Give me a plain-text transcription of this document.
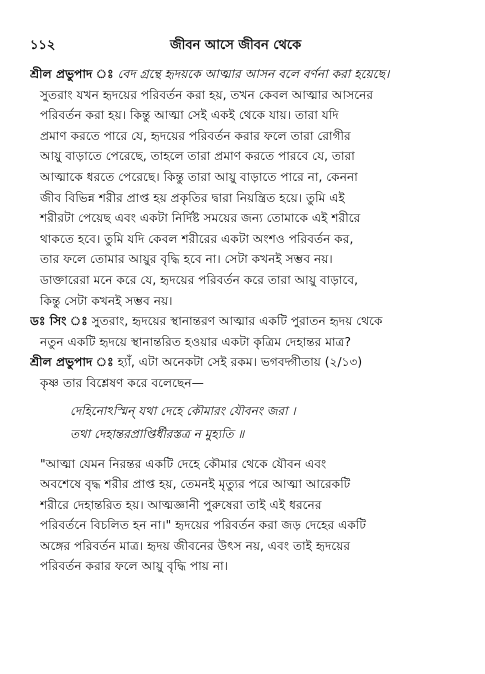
১১২	জীবন আসে জীবন থেকে
শ্রীল প্রভুপাদ ঃ বেদ গ্রন্থে হৃদয়কে আত্মার আসন বলে বর্ণনা করা হয়েছে।
সুতরাং যখন হৃদয়ের পরিবর্তন করা হয়, তখন কেবল আত্মার আসনের
পরিবর্তন করা হয়। কিন্তু আত্মা সেই একই থেকে যায়। তারা যদি
প্রমাণ করতে পারে যে, হৃদয়ের পরিবর্তন করার ফলে তারা রোগীর
আয়ু বাড়াতে পেরেছে, তাহলে তারা প্রমাণ করতে পারবে যে, তারা
আত্মাকে ধরতে পেরেছে। কিন্তু তারা আয়ু বাড়াতে পারে না, কেননা
জীব বিভিন্ন শরীর প্রাপ্ত হয় প্রকৃতির দ্বারা নিয়ন্ত্রিত হয়ে। তুমি এই
শরীরটা পেয়েছ এবং একটা নির্দিষ্ট সময়ের জন্য তোমাকে এই শরীরে
থাকতে হবে। তুমি যদি কেবল শরীরের একটা অংশও পরিবর্তন কর,
তার ফলে তোমার আয়ুর বৃদ্ধি হবে না। সেটা কখনই সম্ভব নয়।
ডাক্তারেরা মনে করে যে, হৃদয়ের পরিবর্তন করে তারা আয়ু বাড়াবে,
কিন্তু সেটা কখনই সম্ভব নয়।
ডঃ সিং ঃ সুতরাং, হৃদয়ের স্থানান্তরণ আত্মার একটি পুরাতন হৃদয় থেকে
নতুন একটি হৃদয়ে স্থানান্তরিত হওয়ার একটা কৃত্রিম দেহান্তর মাত্র?
শ্রীল প্রভুপাদ ঃ হ্যাঁ, এটা অনেকটা সেই রকম। ভগবদ্গীতায় (২/১৩)
কৃষ্ণ তার বিশ্লেষণ করে বলেছেন—
দেহিনোঽস্মিন্ যথা দেহে কৌমারং যৌবনং জরা ।
তথা দেহান্তরপ্রাপ্তির্ধীরস্তত্র ন মুহ্যতি ॥
"আত্মা যেমন নিরন্তর একটি দেহে কৌমার থেকে যৌবন এবং
অবশেষে বৃদ্ধ শরীর প্রাপ্ত হয়, তেমনই মৃত্যুর পরে আত্মা আরেকটি
শরীরে দেহান্তরিত হয়। আত্মজ্ঞানী পুরুষেরা তাই এই ধরনের
পরিবর্তনে বিচলিত হন না।" হৃদয়ের পরিবর্তন করা জড় দেহের একটি
অঙ্গের পরিবর্তন মাত্র। হৃদয় জীবনের উৎস নয়, এবং তাই হৃদয়ের
পরিবর্তন করার ফলে আয়ু বৃদ্ধি পায় না।
